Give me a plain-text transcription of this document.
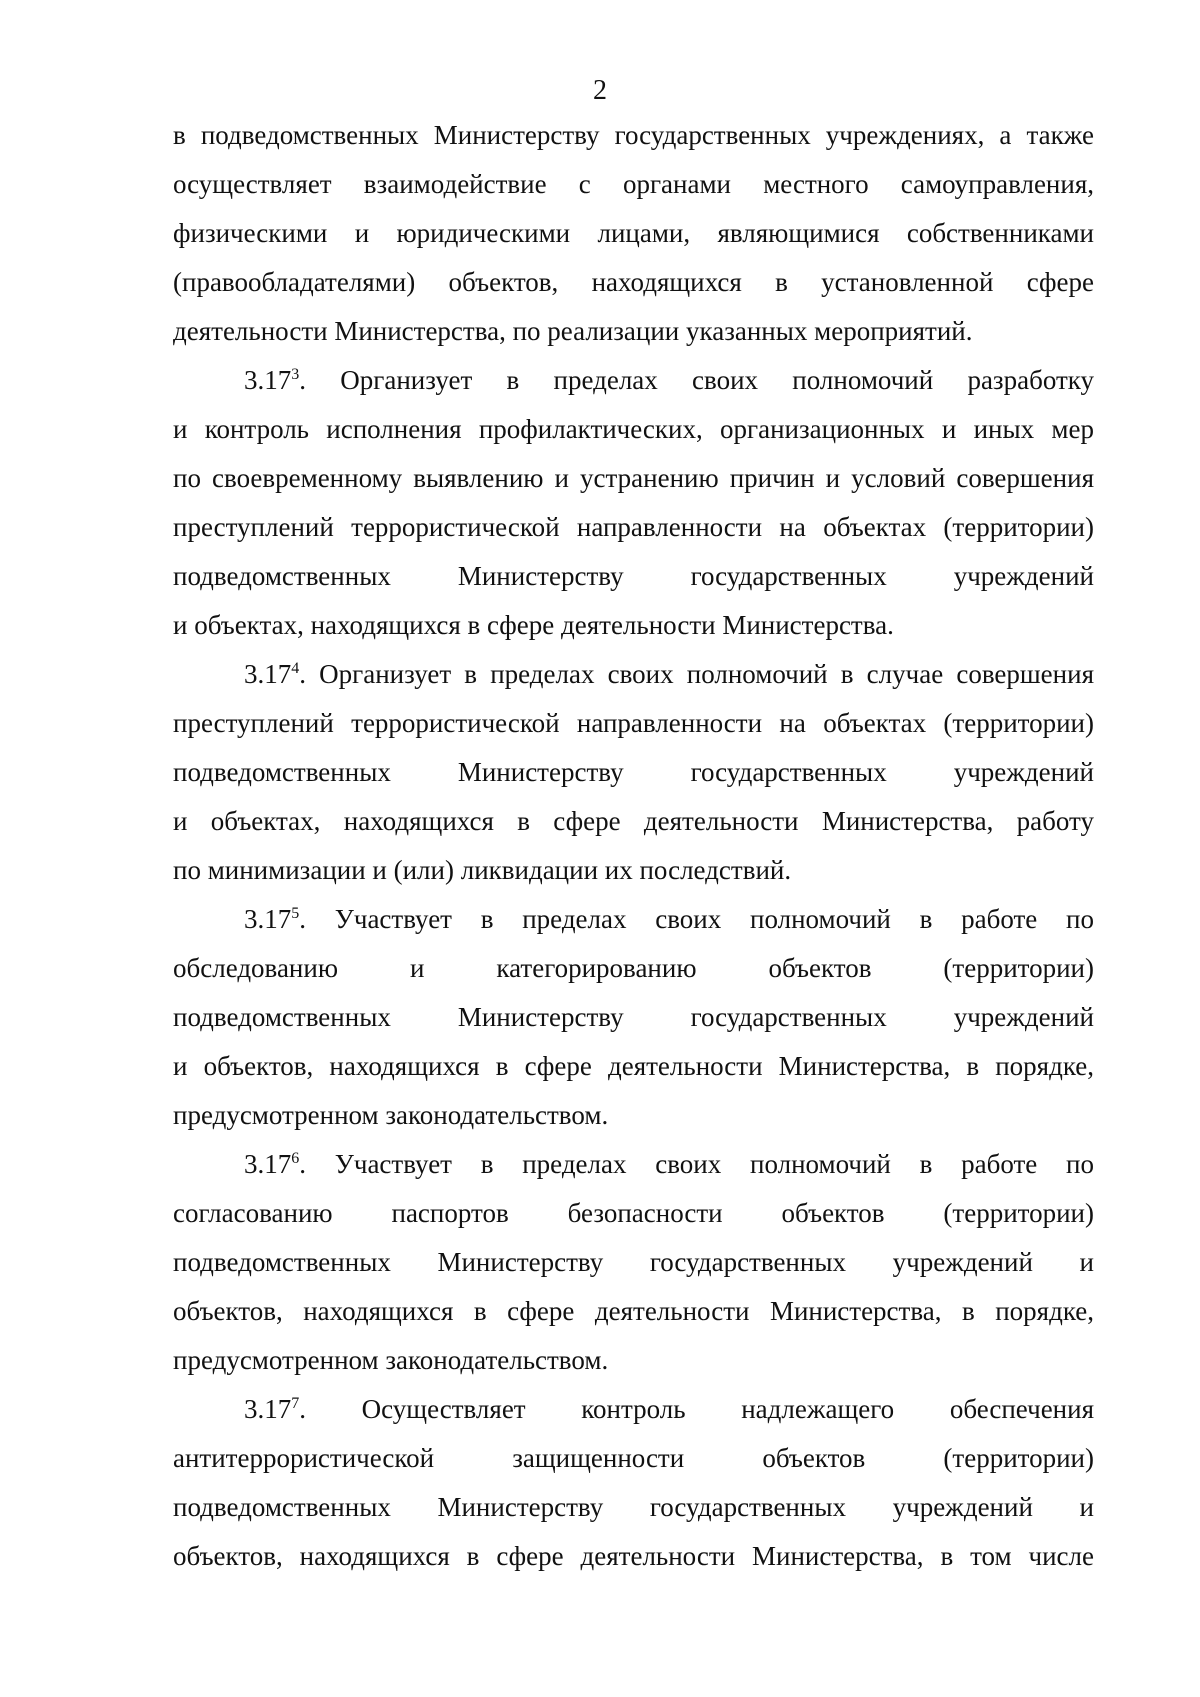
2
в подведомственных Министерству государственных учреждениях, а также
осуществляет взаимодействие с органами местного самоуправления,
физическими и юридическими лицами, являющимися собственниками
(правообладателями) объектов, находящихся в установленной сфере
деятельности Министерства, по реализации указанных мероприятий.
3.17$^3$. Организует в пределах своих полномочий разработку
и контроль исполнения профилактических, организационных и иных мер
по своевременному выявлению и устранению причин и условий совершения
преступлений террористической направленности на объектах (территории)
подведомственных Министерству государственных учреждений
и объектах, находящихся в сфере деятельности Министерства.
3.17$^4$. Организует в пределах своих полномочий в случае совершения
преступлений террористической направленности на объектах (территории)
подведомственных Министерству государственных учреждений
и объектах, находящихся в сфере деятельности Министерства, работу
по минимизации и (или) ликвидации их последствий.
3.17$^5$. Участвует в пределах своих полномочий в работе по
обследованию и категорированию объектов (территории)
подведомственных Министерству государственных учреждений
и объектов, находящихся в сфере деятельности Министерства, в порядке,
предусмотренном законодательством.
3.17$^6$. Участвует в пределах своих полномочий в работе по
согласованию паспортов безопасности объектов (территории)
подведомственных Министерству государственных учреждений и
объектов, находящихся в сфере деятельности Министерства, в порядке,
предусмотренном законодательством.
3.17$^7$. Осуществляет контроль надлежащего обеспечения
антитеррористической защищенности объектов (территории)
подведомственных Министерству государственных учреждений и
объектов, находящихся в сфере деятельности Министерства, в том числе
